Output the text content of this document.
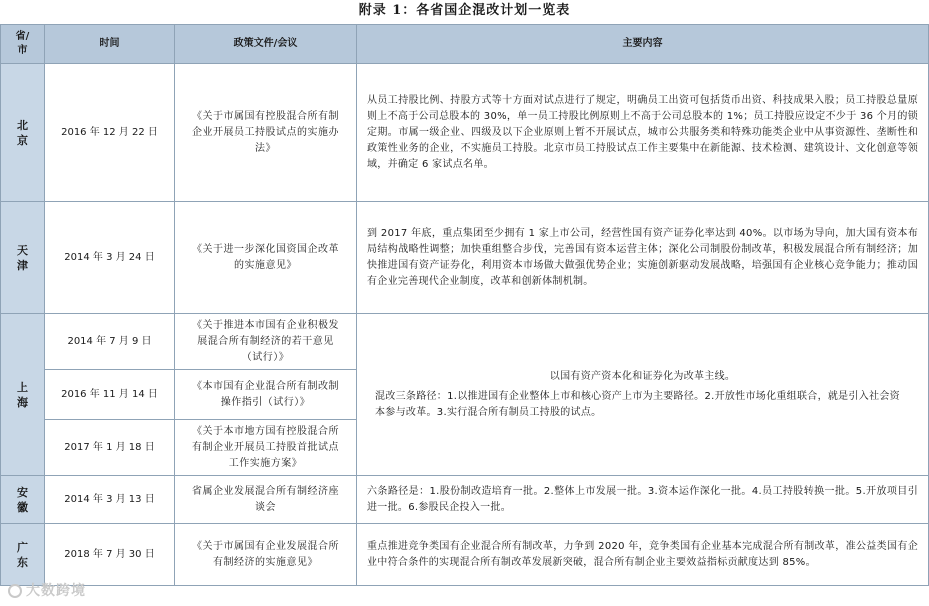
附录 1：各省国企混改计划一览表
省/市	时间	政策文件/会议	主要内容
北京	2016 年 12 月 22 日	《关于市属国有控股混合所有制企业开展员工持股试点的实施办法》	从员工持股比例、持股方式等十方面对试点进行了规定，明确员工出资可包括货币出资、科技成果入股；员工持股总量原则上不高于公司总股本的 30%，单一员工持股比例原则上不高于公司总股本的 1%；员工持股应设定不少于 36 个月的锁定期。市属一级企业、四级及以下企业原则上暂不开展试点，城市公共服务类和特殊功能类企业中从事资源性、垄断性和政策性业务的企业，不实施员工持股。北京市员工持股试点工作主要集中在新能源、技术检测、建筑设计、文化创意等领域，并确定 6 家试点名单。
天津	2014 年 3 月 24 日	《关于进一步深化国资国企改革的实施意见》	到 2017 年底，重点集团至少拥有 1 家上市公司，经营性国有资产证券化率达到 40%。以市场为导向，加大国有资本布局结构战略性调整；加快重组整合步伐，完善国有资本运营主体；深化公司制股份制改革，积极发展混合所有制经济；加快推进国有资产证券化，利用资本市场做大做强优势企业；实施创新驱动发展战略，培强国有企业核心竞争能力；推动国有企业完善现代企业制度，改革和创新体制机制。
上海	2014 年 7 月 9 日	《关于推进本市国有企业积极发展混合所有制经济的若干意见（试行）》	以国有资产资本化和证券化为改革主线。
混改三条路径：1.以推进国有企业整体上市和核心资产上市为主要路径。2.开放性市场化重组联合，就是引入社会资本参与改革。3.实行混合所有制员工持股的试点。

	2016 年 11 月 14 日	《本市国有企业混合所有制改制操作指引（试行）》	
	2017 年 1 月 18 日	《关于本市地方国有控股混合所有制企业开展员工持股首批试点工作实施方案》	
安徽	2014 年 3 月 13 日	省属企业发展混合所有制经济座谈会	六条路径是：1.股份制改造培育一批。2.整体上市发展一批。3.资本运作深化一批。4.员工持股转换一批。5.开放项目引进一批。6.参股民企投入一批。
广东	2018 年 7 月 30 日	《关于市属国有企业发展混合所有制经济的实施意见》	重点推进竞争类国有企业混合所有制改革，力争到 2020 年，竞争类国有企业基本完成混合所有制改革，准公益类国有企业中符合条件的实现混合所有制改革发展新突破，混合所有制企业主要效益指标贡献度达到 85%。
大数跨境
